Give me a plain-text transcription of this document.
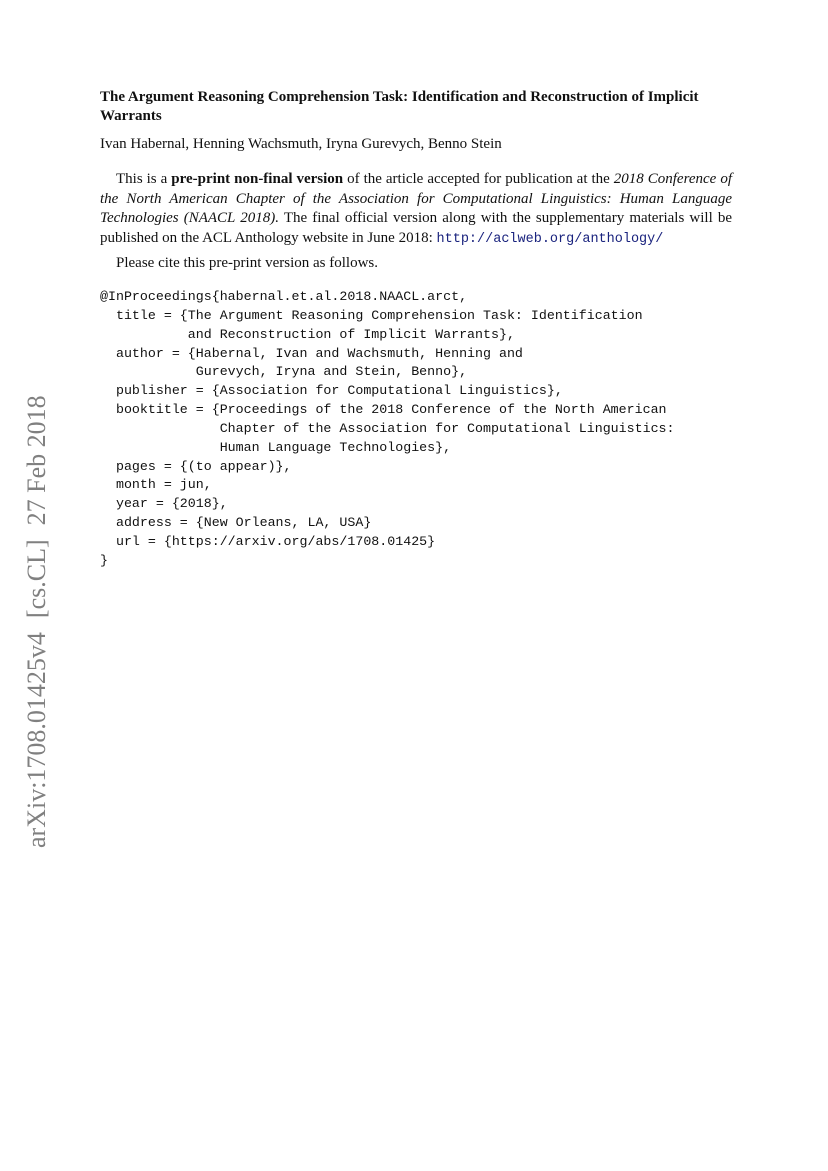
The Argument Reasoning Comprehension Task: Identification and Reconstruction of Implicit Warrants
Ivan Habernal, Henning Wachsmuth, Iryna Gurevych, Benno Stein
This is a pre-print non-final version of the article accepted for publication at the 2018 Conference of the North American Chapter of the Association for Computational Linguistics: Human Language Technologies (NAACL 2018). The final official version along with the supplementary materials will be published on the ACL Anthology website in June 2018: http://aclweb.org/anthology/
Please cite this pre-print version as follows.
@InProceedings{habernal.et.al.2018.NAACL.arct,
title = {The Argument Reasoning Comprehension Task: Identification
and Reconstruction of Implicit Warrants},
author = {Habernal, Ivan and Wachsmuth, Henning and
Gurevych, Iryna and Stein, Benno},
publisher = {Association for Computational Linguistics},
booktitle = {Proceedings of the 2018 Conference of the North American
Chapter of the Association for Computational Linguistics:
Human Language Technologies},
pages = {(to appear)},
month = jun,
year = {2018},
address = {New Orleans, LA, USA}
url = {https://arxiv.org/abs/1708.01425}
}
arXiv:1708.01425v4[cs.CL]27 Feb 2018
